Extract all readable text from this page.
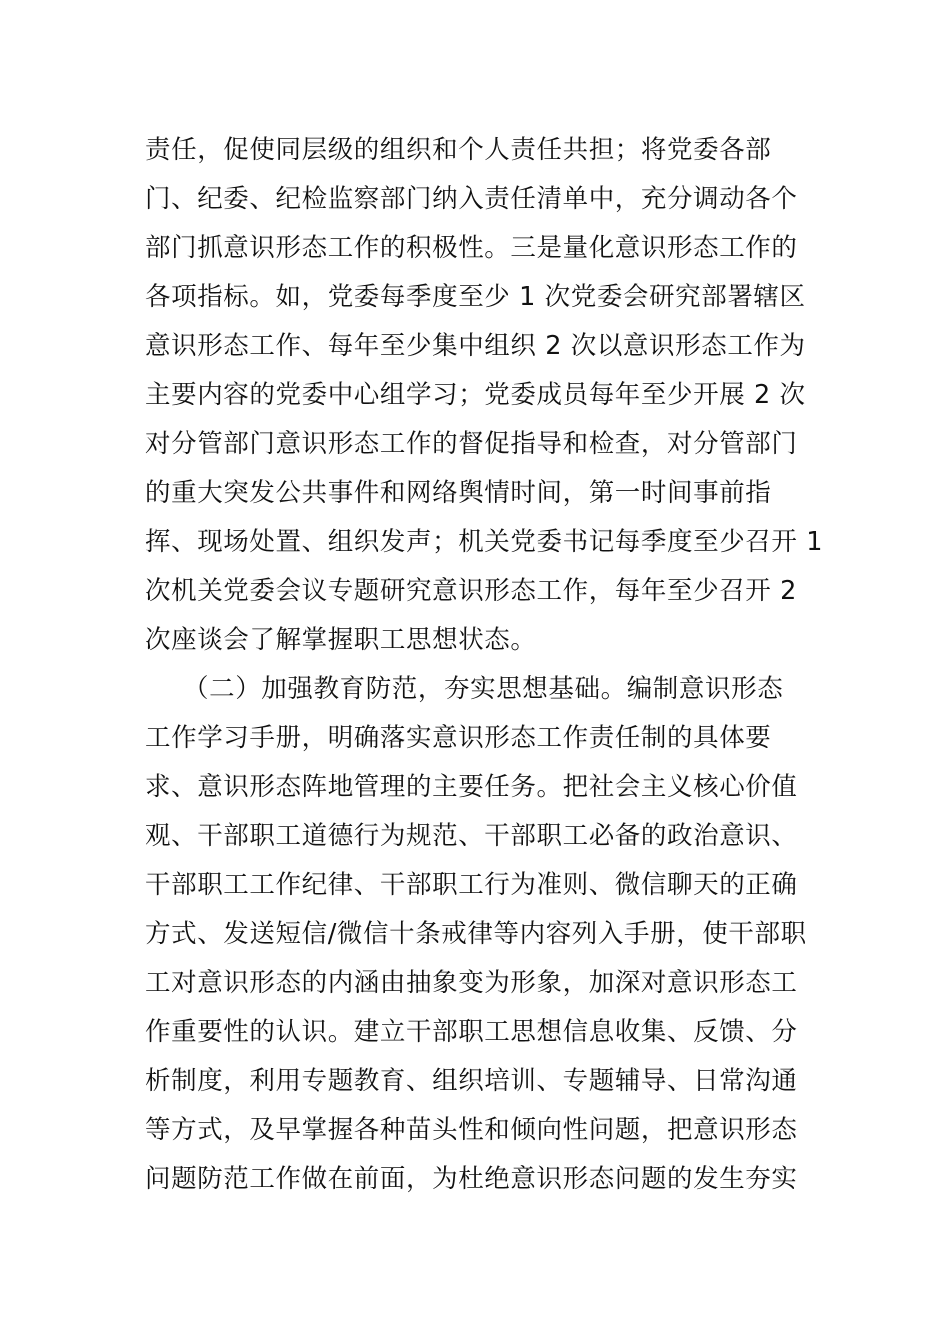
责任，促使同层级的组织和个人责任共担；将党委各部
门、纪委、纪检监察部门纳入责任清单中，充分调动各个
部门抓意识形态工作的积极性。三是量化意识形态工作的
各项指标。如，党委每季度至少 1 次党委会研究部署辖区
意识形态工作、每年至少集中组织 2 次以意识形态工作为
主要内容的党委中心组学习；党委成员每年至少开展 2 次
对分管部门意识形态工作的督促指导和检查，对分管部门
的重大突发公共事件和网络舆情时间，第一时间事前指
挥、现场处置、组织发声；机关党委书记每季度至少召开 1
次机关党委会议专题研究意识形态工作，每年至少召开 2
次座谈会了解掌握职工思想状态。
（二）加强教育防范，夯实思想基础。编制意识形态
工作学习手册，明确落实意识形态工作责任制的具体要
求、意识形态阵地管理的主要任务。把社会主义核心价值
观、干部职工道德行为规范、干部职工必备的政治意识、
干部职工工作纪律、干部职工行为准则、微信聊天的正确
方式、发送短信/微信十条戒律等内容列入手册，使干部职
工对意识形态的内涵由抽象变为形象，加深对意识形态工
作重要性的认识。建立干部职工思想信息收集、反馈、分
析制度，利用专题教育、组织培训、专题辅导、日常沟通
等方式，及早掌握各种苗头性和倾向性问题，把意识形态
问题防范工作做在前面，为杜绝意识形态问题的发生夯实
